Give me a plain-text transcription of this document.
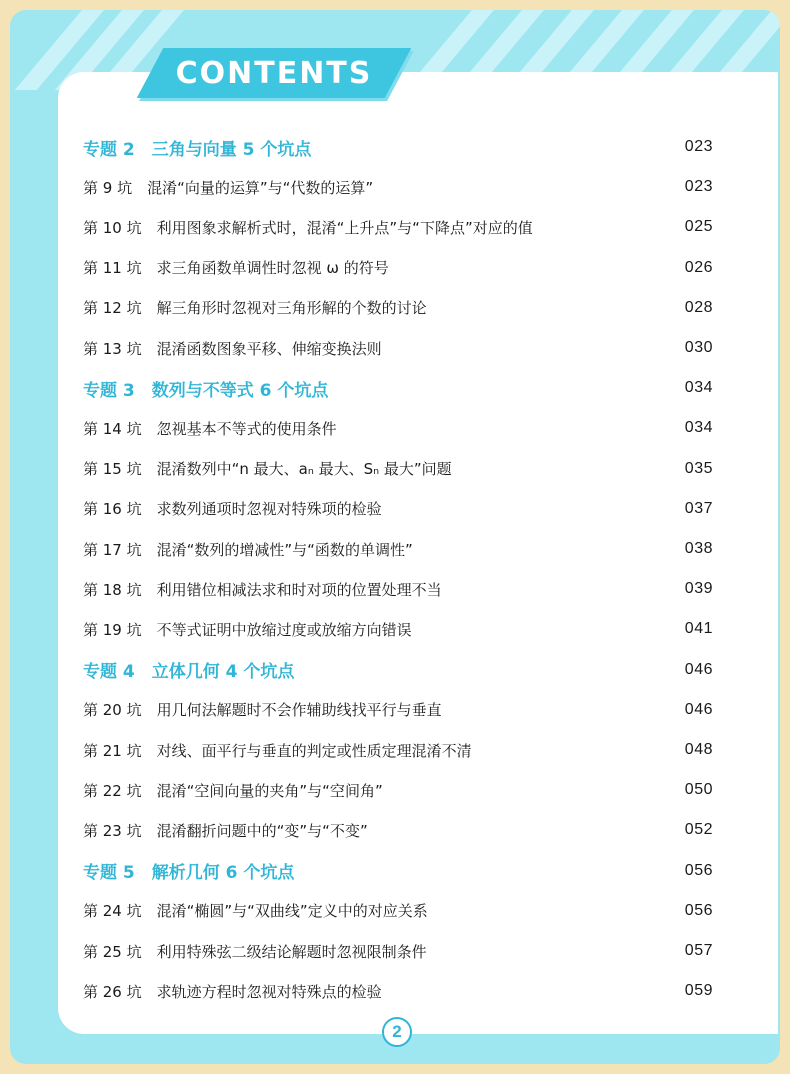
CONTENTS
专题 2　三角与向量 5 个坑点	023
第 9 坑　混淆“向量的运算”与“代数的运算”	023
第 10 坑　利用图象求解析式时，混淆“上升点”与“下降点”对应的值	025
第 11 坑　求三角函数单调性时忽视 ω 的符号	026
第 12 坑　解三角形时忽视对三角形解的个数的讨论	028
第 13 坑　混淆函数图象平移、伸缩变换法则	030
专题 3　数列与不等式 6 个坑点	034
第 14 坑　忽视基本不等式的使用条件	034
第 15 坑　混淆数列中“n 最大、aₙ 最大、Sₙ 最大”问题	035
第 16 坑　求数列通项时忽视对特殊项的检验	037
第 17 坑　混淆“数列的增减性”与“函数的单调性”	038
第 18 坑　利用错位相减法求和时对项的位置处理不当	039
第 19 坑　不等式证明中放缩过度或放缩方向错误	041
专题 4　立体几何 4 个坑点	046
第 20 坑　用几何法解题时不会作辅助线找平行与垂直	046
第 21 坑　对线、面平行与垂直的判定或性质定理混淆不清	048
第 22 坑　混淆“空间向量的夹角”与“空间角”	050
第 23 坑　混淆翻折问题中的“变”与“不变”	052
专题 5　解析几何 6 个坑点	056
第 24 坑　混淆“椭圆”与“双曲线”定义中的对应关系	056
第 25 坑　利用特殊弦二级结论解题时忽视限制条件	057
第 26 坑　求轨迹方程时忽视对特殊点的检验	059
2
